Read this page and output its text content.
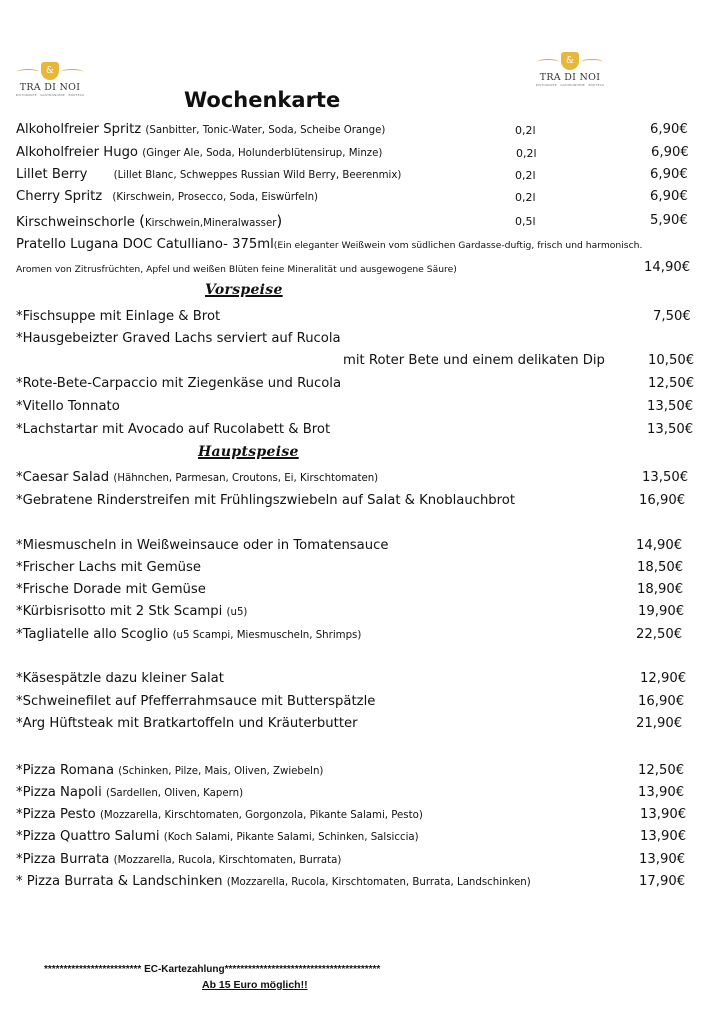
&
TRA DI NOI
RISTORANTE · GASTRONOMIE · ENOTECA
&
TRA DI NOI
RISTORANTE · GASTRONOMIE · ENOTECA
Wochenkarte
Alkoholfreier Spritz (Sanbitter, Tonic-Water, Soda, Scheibe Orange)	0,2l	6,90€
Alkoholfreier Hugo (Ginger Ale, Soda, Holunderblütensirup, Minze)	0,2l	6,90€
Lillet Berry	(Lillet Blanc, Schweppes Russian Wild Berry, Beerenmix)	0,2l	6,90€
Cherry Spritz (Kirschwein, Prosecco, Soda, Eiswürfeln)	0,2l	6,90€
Kirschweinschorle (Kirschwein,Mineralwasser)	0,5l	5,90€
Pratello Lugana DOC Catulliano- 375ml(Ein eleganter Weißwein vom südlichen Gardasse-duftig, frisch und harmonisch.
Aromen von Zitrusfrüchten, Apfel und weißen Blüten feine Mineralität und ausgewogene Säure)	14,90€
Vorspeise
*Fischsuppe mit Einlage & Brot	7,50€
*Hausgebeizter Graved Lachs serviert auf Rucola
mit Roter Bete und einem delikaten Dip	10,50€
*Rote-Bete-Carpaccio mit Ziegenkäse und Rucola	12,50€
*Vitello Tonnato	13,50€
*Lachstartar mit Avocado auf Rucolabett & Brot	13,50€
Hauptspeise
*Caesar Salad (Hähnchen, Parmesan, Croutons, Ei, Kirschtomaten)	13,50€
*Gebratene Rinderstreifen mit Frühlingszwiebeln auf Salat & Knoblauchbrot	16,90€
*Miesmuscheln in Weißweinsauce oder in Tomatensauce	14,90€
*Frischer Lachs mit Gemüse	18,50€
*Frische Dorade mit Gemüse	18,90€
*Kürbisrisotto mit 2 Stk Scampi (u5)	19,90€
*Tagliatelle allo Scoglio (u5 Scampi, Miesmuscheln, Shrimps)	22,50€
*Käsespätzle dazu kleiner Salat	12,90€
*Schweinefilet auf Pfefferrahmsauce mit Butterspätzle	16,90€
*Arg Hüftsteak mit Bratkartoffeln und Kräuterbutter	21,90€
*Pizza Romana (Schinken, Pilze, Mais, Oliven, Zwiebeln)	12,50€
*Pizza Napoli (Sardellen, Oliven, Kapern)	13,90€
*Pizza Pesto (Mozzarella, Kirschtomaten, Gorgonzola, Pikante Salami, Pesto)	13,90€
*Pizza Quattro Salumi (Koch Salami, Pikante Salami, Schinken, Salsiccia)	13,90€
*Pizza Burrata (Mozzarella, Rucola, Kirschtomaten, Burrata)	13,90€
* Pizza Burrata & Landschinken (Mozzarella, Rucola, Kirschtomaten, Burrata, Landschinken)	17,90€
************************* EC-Kartezahlung****************************************
Ab 15 Euro möglich!!
